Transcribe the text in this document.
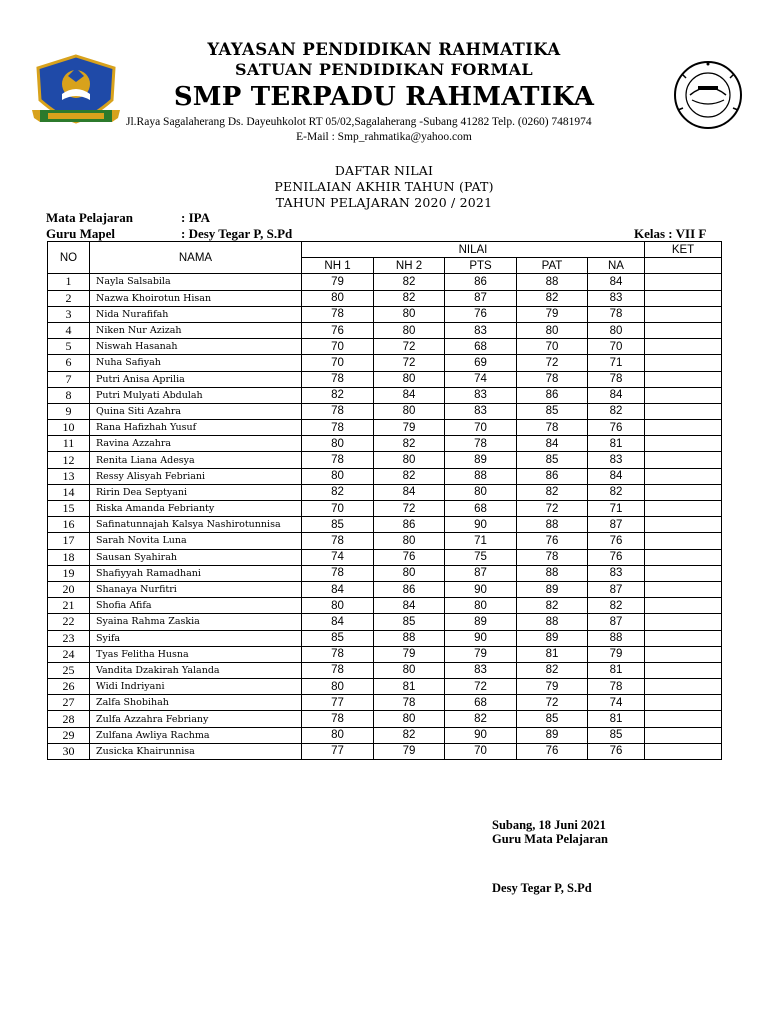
YAYASAN PENDIDIKAN RAHMATIKA
SATUAN PENDIDIKAN FORMAL
SMP TERPADU RAHMATIKA
Jl.Raya Sagalaherang Ds. Dayeuhkolot RT 05/02,Sagalaherang -Subang 41282 Telp. (0260) 7481974
E-Mail : Smp_rahmatika@yahoo.com
DAFTAR NILAI
PENILAIAN AKHIR TAHUN (PAT)
TAHUN PELAJARAN 2020 / 2021
Mata Pelajaran	: IPA
Guru Mapel	: Desy Tegar P, S.Pd	Kelas : VII F
NO	NAMA	NILAI					KET
		NH 1	NH 2	PTS	PAT	NA	
1	Nayla Salsabila	79	82	86	88	84	
2	Nazwa Khoirotun Hisan	80	82	87	82	83	
3	Nida Nurafifah	78	80	76	79	78	
4	Niken Nur Azizah	76	80	83	80	80	
5	Niswah Hasanah	70	72	68	70	70	
6	Nuha Safiyah	70	72	69	72	71	
7	Putri Anisa Aprilia	78	80	74	78	78	
8	Putri Mulyati Abdulah	82	84	83	86	84	
9	Quina Siti Azahra	78	80	83	85	82	
10	Rana Hafizhah Yusuf	78	79	70	78	76	
11	Ravina Azzahra	80	82	78	84	81	
12	Renita Liana Adesya	78	80	89	85	83	
13	Ressy Alisyah Febriani	80	82	88	86	84	
14	Ririn Dea Septyani	82	84	80	82	82	
15	Riska Amanda Febrianty	70	72	68	72	71	
16	Safinatunnajah Kalsya Nashirotunnisa	85	86	90	88	87	
17	Sarah Novita Luna	78	80	71	76	76	
18	Sausan Syahirah	74	76	75	78	76	
19	Shafiyyah Ramadhani	78	80	87	88	83	
20	Shanaya Nurfitri	84	86	90	89	87	
21	Shofia Afifa	80	84	80	82	82	
22	Syaina Rahma Zaskia	84	85	89	88	87	
23	Syifa	85	88	90	89	88	
24	Tyas Felitha Husna	78	79	79	81	79	
25	Vandita Dzakirah Yalanda	78	80	83	82	81	
26	Widi Indriyani	80	81	72	79	78	
27	Zalfa Shobihah	77	78	68	72	74	
28	Zulfa Azzahra Febriany	78	80	82	85	81	
29	Zulfana Awliya Rachma	80	82	90	89	85	
30	Zusicka Khairunnisa	77	79	70	76	76	
Subang, 18 Juni 2021
Guru Mata Pelajaran
Desy Tegar P, S.Pd
